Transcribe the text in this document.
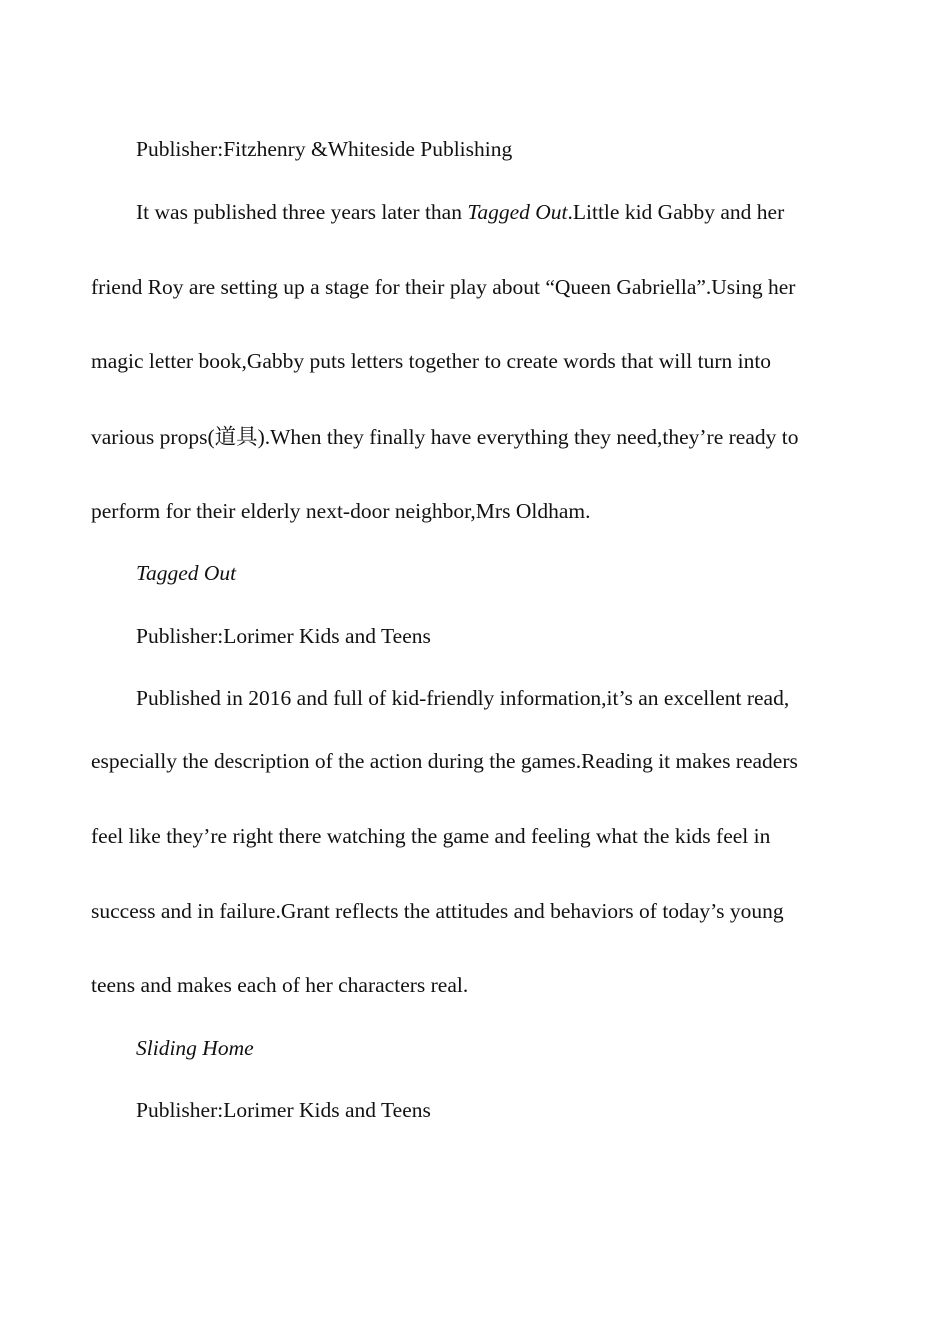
Publisher:Fitzhenry &Whiteside Publishing
It was published three years later than Tagged Out.Little kid Gabby and her
friend Roy are setting up a stage for their play about “Queen Gabriella”.Using her
magic letter book,Gabby puts letters together to create words that will turn into
various props(道具).When they finally have everything they need,they’re ready to
perform for their elderly next-door neighbor,Mrs Oldham.
Tagged Out
Publisher:Lorimer Kids and Teens
Published in 2016 and full of kid-friendly information,it’s an excellent read,
especially the description of the action during the games.Reading it makes readers
feel like they’re right there watching the game and feeling what the kids feel in
success and in failure.Grant reflects the attitudes and behaviors of today’s young
teens and makes each of her characters real.
Sliding Home
Publisher:Lorimer Kids and Teens
